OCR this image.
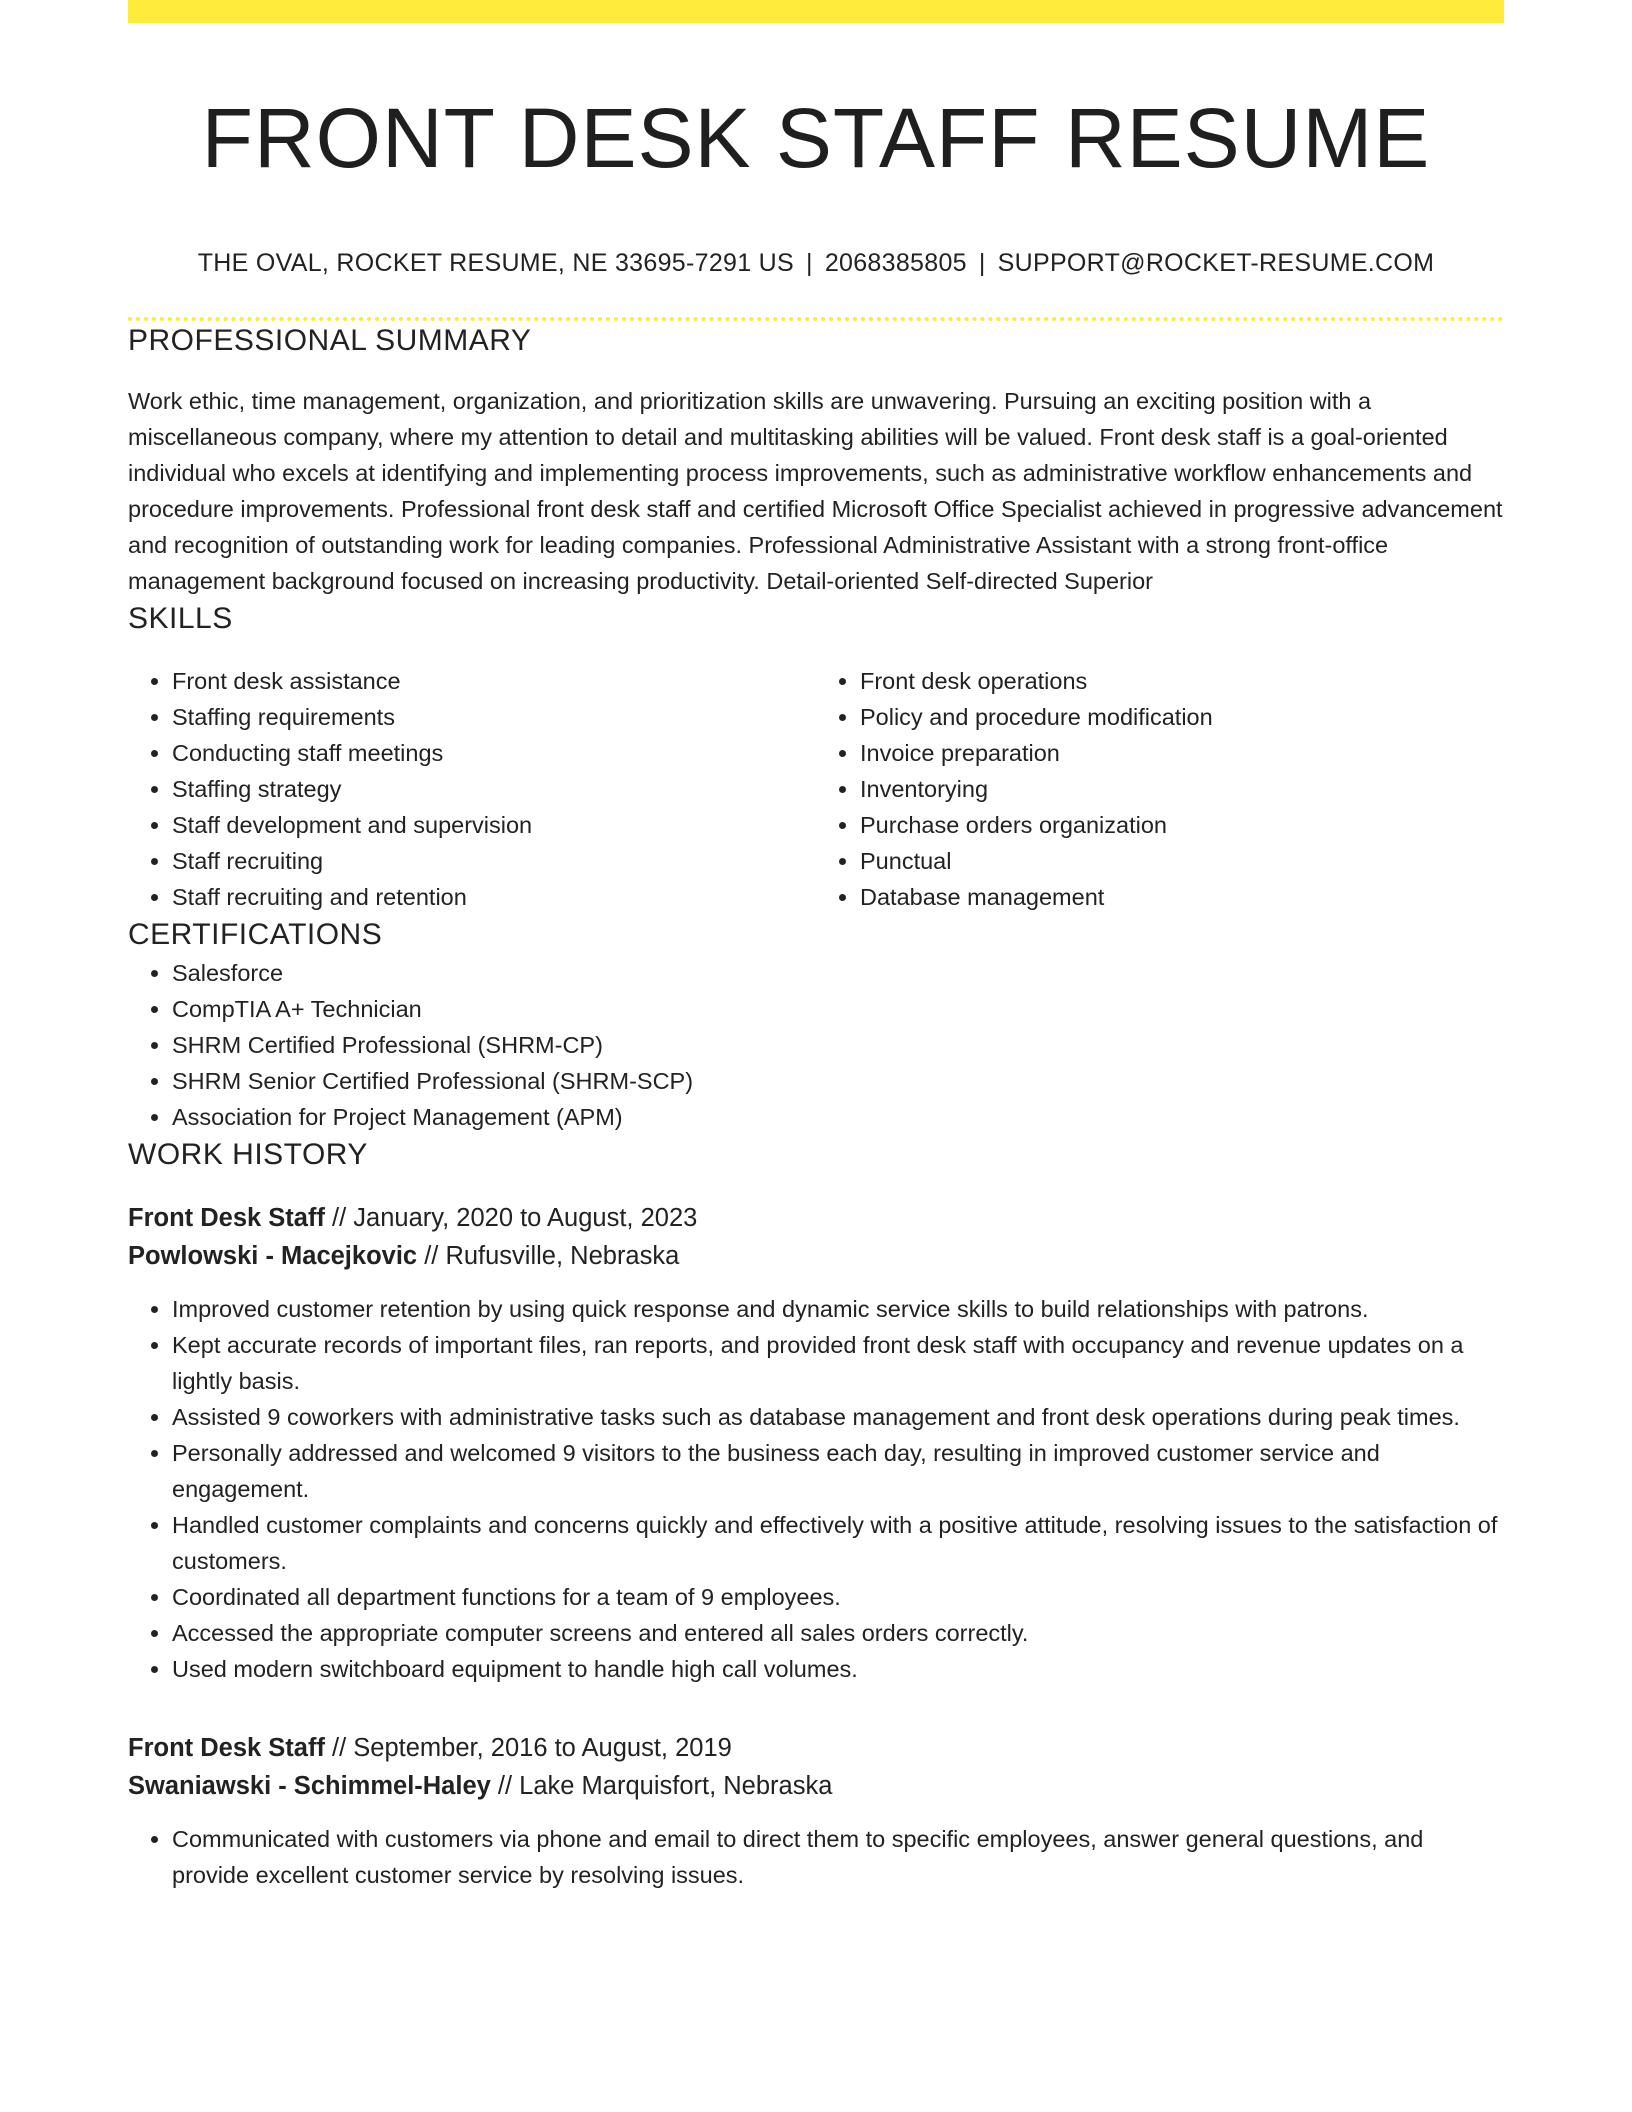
FRONT DESK STAFF RESUME
THE OVAL, ROCKET RESUME, NE 33695-7291 US | 2068385805 | SUPPORT@ROCKET-RESUME.COM
PROFESSIONAL SUMMARY

Work ethic, time management, organization, and prioritization skills are unwavering. Pursuing an exciting position with a miscellaneous company, where my attention to detail and multitasking abilities will be valued. Front desk staff is a goal-oriented individual who excels at identifying and implementing process improvements, such as administrative workflow enhancements and procedure improvements. Professional front desk staff and certified Microsoft Office Specialist achieved in progressive advancement and recognition of outstanding work for leading companies. Professional Administrative Assistant with a strong front-office management background focused on increasing productivity. Detail-oriented Self-directed Superior

SKILLS
• Front desk assistance
• Staffing requirements
• Conducting staff meetings
• Staffing strategy
• Staff development and supervision
• Staff recruiting
• Staff recruiting and retention
• Front desk operations
• Policy and procedure modification
• Invoice preparation
• Inventorying
• Purchase orders organization
• Punctual
• Database management
CERTIFICATIONS
• Salesforce
• CompTIA A+ Technician
• SHRM Certified Professional (SHRM-CP)
• SHRM Senior Certified Professional (SHRM-SCP)
• Association for Project Management (APM)
WORK HISTORY
Front Desk Staff // January, 2020 to August, 2023
Powlowski - Macejkovic // Rufusville, Nebraska
• Improved customer retention by using quick response and dynamic service skills to build relationships with patrons.
• Kept accurate records of important files, ran reports, and provided front desk staff with occupancy and revenue updates on a lightly basis.
• Assisted 9 coworkers with administrative tasks such as database management and front desk operations during peak times.
• Personally addressed and welcomed 9 visitors to the business each day, resulting in improved customer service and engagement.
• Handled customer complaints and concerns quickly and effectively with a positive attitude, resolving issues to the satisfaction of customers.
• Coordinated all department functions for a team of 9 employees.
• Accessed the appropriate computer screens and entered all sales orders correctly.
• Used modern switchboard equipment to handle high call volumes.
Front Desk Staff // September, 2016 to August, 2019
Swaniawski - Schimmel-Haley // Lake Marquisfort, Nebraska
• Communicated with customers via phone and email to direct them to specific employees, answer general questions, and provide excellent customer service by resolving issues.
